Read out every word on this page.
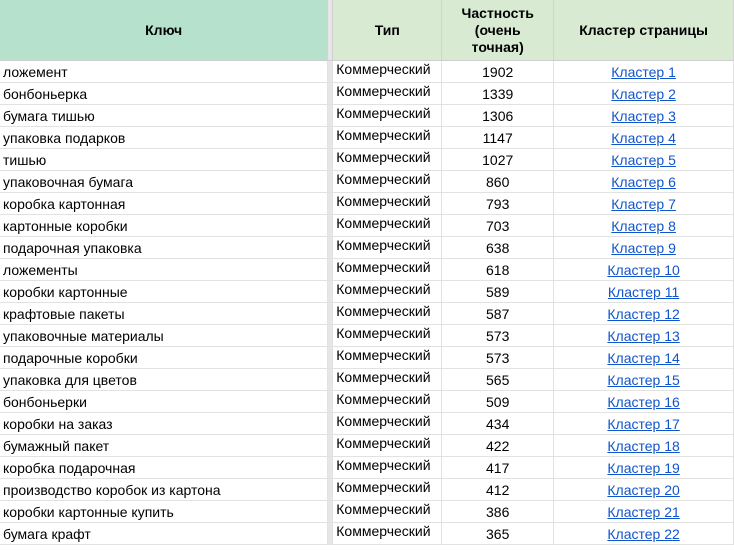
Ключ		Тип	Частность (очень точная)	Кластер страницы
ложемент		Коммерческий	1902	Кластер 1
бонбоньерка		Коммерческий	1339	Кластер 2
бумага тишью		Коммерческий	1306	Кластер 3
упаковка подарков		Коммерческий	1147	Кластер 4
тишью		Коммерческий	1027	Кластер 5
упаковочная бумага		Коммерческий	860	Кластер 6
коробка картонная		Коммерческий	793	Кластер 7
картонные коробки		Коммерческий	703	Кластер 8
подарочная упаковка		Коммерческий	638	Кластер 9
ложементы		Коммерческий	618	Кластер 10
коробки картонные		Коммерческий	589	Кластер 11
крафтовые пакеты		Коммерческий	587	Кластер 12
упаковочные материалы		Коммерческий	573	Кластер 13
подарочные коробки		Коммерческий	573	Кластер 14
упаковка для цветов		Коммерческий	565	Кластер 15
бонбоньерки		Коммерческий	509	Кластер 16
коробки на заказ		Коммерческий	434	Кластер 17
бумажный пакет		Коммерческий	422	Кластер 18
коробка подарочная		Коммерческий	417	Кластер 19
производство коробок из картона		Коммерческий	412	Кластер 20
коробки картонные купить		Коммерческий	386	Кластер 21
бумага крафт		Коммерческий	365	Кластер 22
